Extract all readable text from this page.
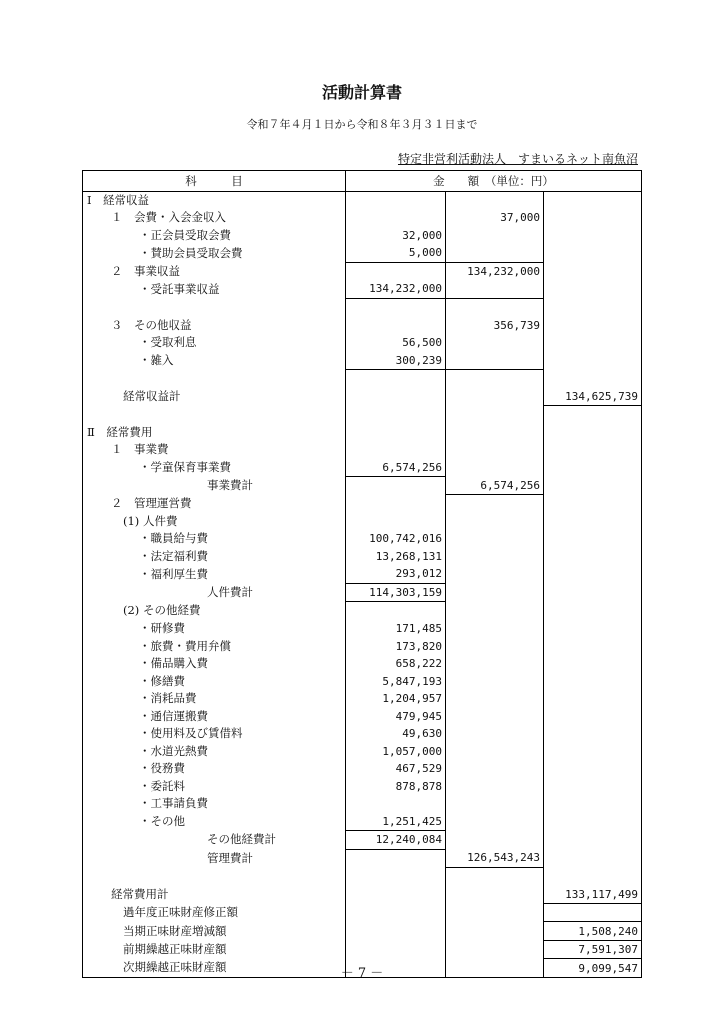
活動計算書
令和７年４月１日から令和８年３月３１日まで
特定非営利活動法人　すまいるネット南魚沼
科　　　目	金　　額　（単位：円）		
Ⅰ　経常収益			
１　会費・入会金収入		37,000	
・正会員受取会費	32,000		
・賛助会員受取会費	5,000		
２　事業収益		134,232,000	
・受託事業収益	134,232,000		

３　その他収益		356,739	
・受取利息	56,500		
・雑入	300,239		

経常収益計			134,625,739

Ⅱ　経常費用			
１　事業費			
・学童保育事業費	6,574,256		
事業費計		6,574,256	
２　管理運営費			
(1) 人件費			
・職員給与費	100,742,016		
・法定福利費	13,268,131		
・福利厚生費	293,012		
人件費計	114,303,159		
(2) その他経費			
・研修費	171,485		
・旅費・費用弁償	173,820		
・備品購入費	658,222		
・修繕費	5,847,193		
・消耗品費	1,204,957		
・通信運搬費	479,945		
・使用料及び賃借料	49,630		
・水道光熱費	1,057,000		
・役務費	467,529		
・委託料	878,878		
・工事請負費			
・その他	1,251,425		
その他経費計	12,240,084		
管理費計		126,543,243	

経常費用計			133,117,499
過年度正味財産修正額			
当期正味財産増減額			1,508,240
前期繰越正味財産額			7,591,307
次期繰越正味財産額			9,099,547
－ 7 －
